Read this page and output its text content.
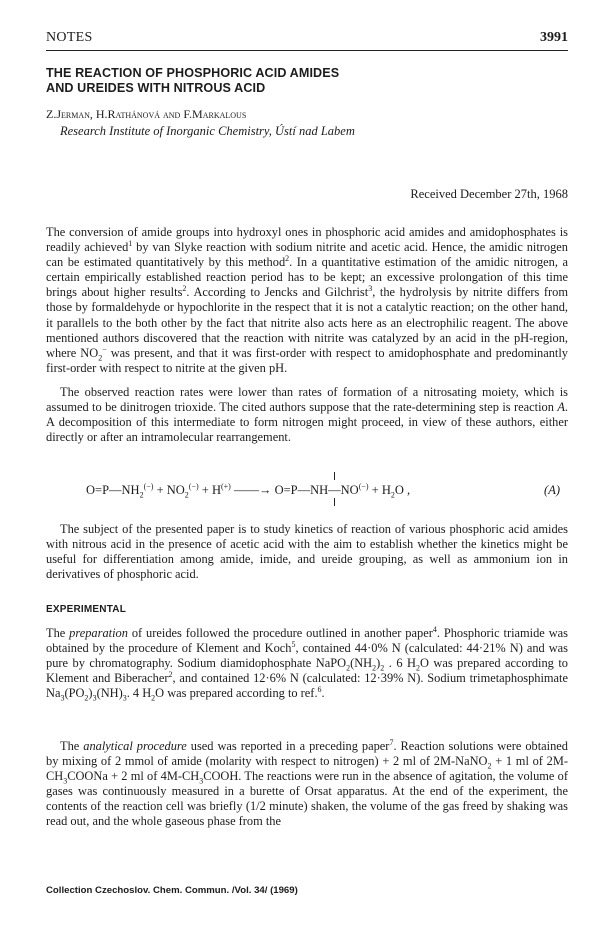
NOTES	3991
THE REACTION OF PHOSPHORIC ACID AMIDES
AND UREIDES WITH NITROUS ACID
Z.Jerman, H.Rathánová and F.Markalous
Research Institute of Inorganic Chemistry, Ústí nad Labem
Received December 27th, 1968

The conversion of amide groups into hydroxyl ones in phosphoric acid amides and amidophosphates is readily achieved$^1$ by van Slyke reaction with sodium nitrite and acetic acid. Hence, the amidic nitrogen can be estimated quantitatively by this method$^2$. In a quantitative estimation of the amidic nitrogen, a certain empirically established reaction period has to be kept; an excessive prolongation of this time brings about higher results$^2$. According to Jencks and Gilchrist$^3$, the hydrolysis by nitrite differs from those by formaldehyde or hypochlorite in the respect that it is not a catalytic reaction; on the other hand, it parallels to the both other by the fact that nitrite also acts here as an electrophilic reagent. The above mentioned authors discovered that the reaction with nitrite was catalyzed by an acid in the pH-region, where $NO_2^-$ was present, and that it was first-order with respect to amidophosphate and predominantly first-order with respect to nitrite at the given pH.

The observed reaction rates were lower than rates of formation of a nitrosating moiety, which is assumed to be dinitrogen trioxide. The cited authors suppose that the rate-determining step is reaction A. A decomposition of this intermediate to form nitrogen might proceed, in view of these authors, either directly or after an intramolecular rearrangement.

$O=P—NH_2^{(-)} + NO_2^{(-)} + H^{(+)}$ ——→ O=P—NH—NO(−) + $H_2O$ ,	(A)

The subject of the presented paper is to study kinetics of reaction of various phosphoric acid amides with nitrous acid in the presence of acetic acid with the aim to establish whether the kinetics might be useful for differentiation among amide, imide, and ureide grouping, as well as ammonium ion in derivatives of phosphoric acid.

EXPERIMENTAL

The preparation of ureides followed the procedure outlined in another paper$^4$. Phosphoric triamide was obtained by the procedure of Klement and Koch$^5$, contained 44·0% N (calculated: 44·21% N) and was pure by chromatography. Sodium diamidophosphate $NaPO_2(NH_2)_2$ . 6 $H_2O$ was prepared according to Klement and Biberacher$^2$, and contained 12·6% N (calculated: 12·39% N). Sodium trimetaphosphimate $Na_3(PO_2)_3(NH)_3$. 4 $H_2O$ was prepared according to ref.$^6$.

The analytical procedure used was reported in a preceding paper$^7$. Reaction solutions were obtained by mixing of 2 mmol of amide (molarity with respect to nitrogen) + 2 ml of 2M-NaNO$_2$ + 1 ml of $2M-CH_3COONa + 2$ ml of $4M-CH_3COOH$. The reactions were run in the absence of agitation, the volume of gases was continuously measured in a burette of Orsat apparatus. At the end of the experiment, the contents of the reaction cell was briefly (1/2 minute) shaken, the volume of the gas freed by shaking was read out, and the whole gaseous phase from the

Collection Czechoslov. Chem. Commun. /Vol. 34/ (1969)
